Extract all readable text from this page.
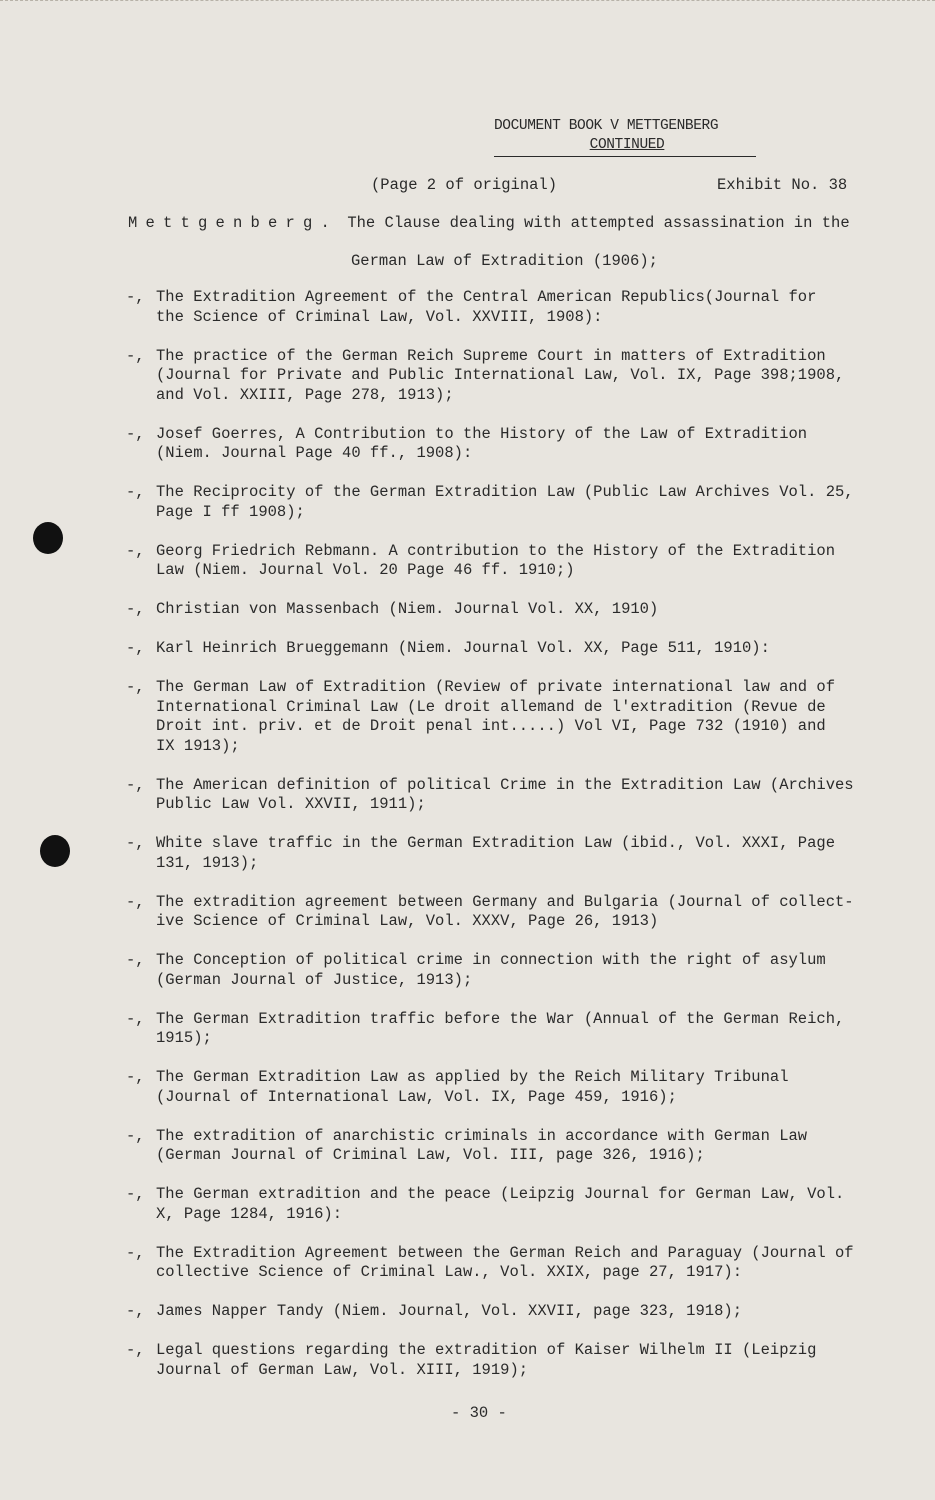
DOCUMENT BOOK V METTGENBERG
CONTINUED
(Page 2 of original)	Exhibit No. 38
Mettgenberg. The Clause dealing with attempted assassination in the
German Law of Extradition (1906);
-, The Extradition Agreement of the Central American Republics(Journal for
the Science of Criminal Law, Vol. XXVIII, 1908):
-, The practice of the German Reich Supreme Court in matters of Extradition
(Journal for Private and Public International Law, Vol. IX, Page 398;1908,
and Vol. XXIII, Page 278, 1913);
-, Josef Goerres, A Contribution to the History of the Law of Extradition
(Niem. Journal Page 40 ff., 1908):
-, The Reciprocity of the German Extradition Law (Public Law Archives Vol. 25,
Page I ff 1908);
-, Georg Friedrich Rebmann. A contribution to the History of the Extradition
Law (Niem. Journal Vol. 20 Page 46 ff. 1910;)
-, Christian von Massenbach (Niem. Journal Vol. XX, 1910)
-, Karl Heinrich Brueggemann (Niem. Journal Vol. XX, Page 511, 1910):
-, The German Law of Extradition (Review of private international law and of
International Criminal Law (Le droit allemand de l'extradition (Revue de
Droit int. priv. et de Droit penal int.....) Vol VI, Page 732 (1910) and
IX 1913);
-, The American definition of political Crime in the Extradition Law (Archives
Public Law Vol. XXVII, 1911);
-, White slave traffic in the German Extradition Law (ibid., Vol. XXXI, Page
131, 1913);
-, The extradition agreement between Germany and Bulgaria (Journal of collect-
ive Science of Criminal Law, Vol. XXXV, Page 26, 1913)
-, The Conception of political crime in connection with the right of asylum
(German Journal of Justice, 1913);
-, The German Extradition traffic before the War (Annual of the German Reich,
1915);
-, The German Extradition Law as applied by the Reich Military Tribunal
(Journal of International Law, Vol. IX, Page 459, 1916);
-, The extradition of anarchistic criminals in accordance with German Law
(German Journal of Criminal Law, Vol. III, page 326, 1916);
-, The German extradition and the peace (Leipzig Journal for German Law, Vol.
X, Page 1284, 1916):
-, The Extradition Agreement between the German Reich and Paraguay (Journal of
collective Science of Criminal Law., Vol. XXIX, page 27, 1917):
-, James Napper Tandy (Niem. Journal, Vol. XXVII, page 323, 1918);
-, Legal questions regarding the extradition of Kaiser Wilhelm II (Leipzig
Journal of German Law, Vol. XIII, 1919);
- 30 -
